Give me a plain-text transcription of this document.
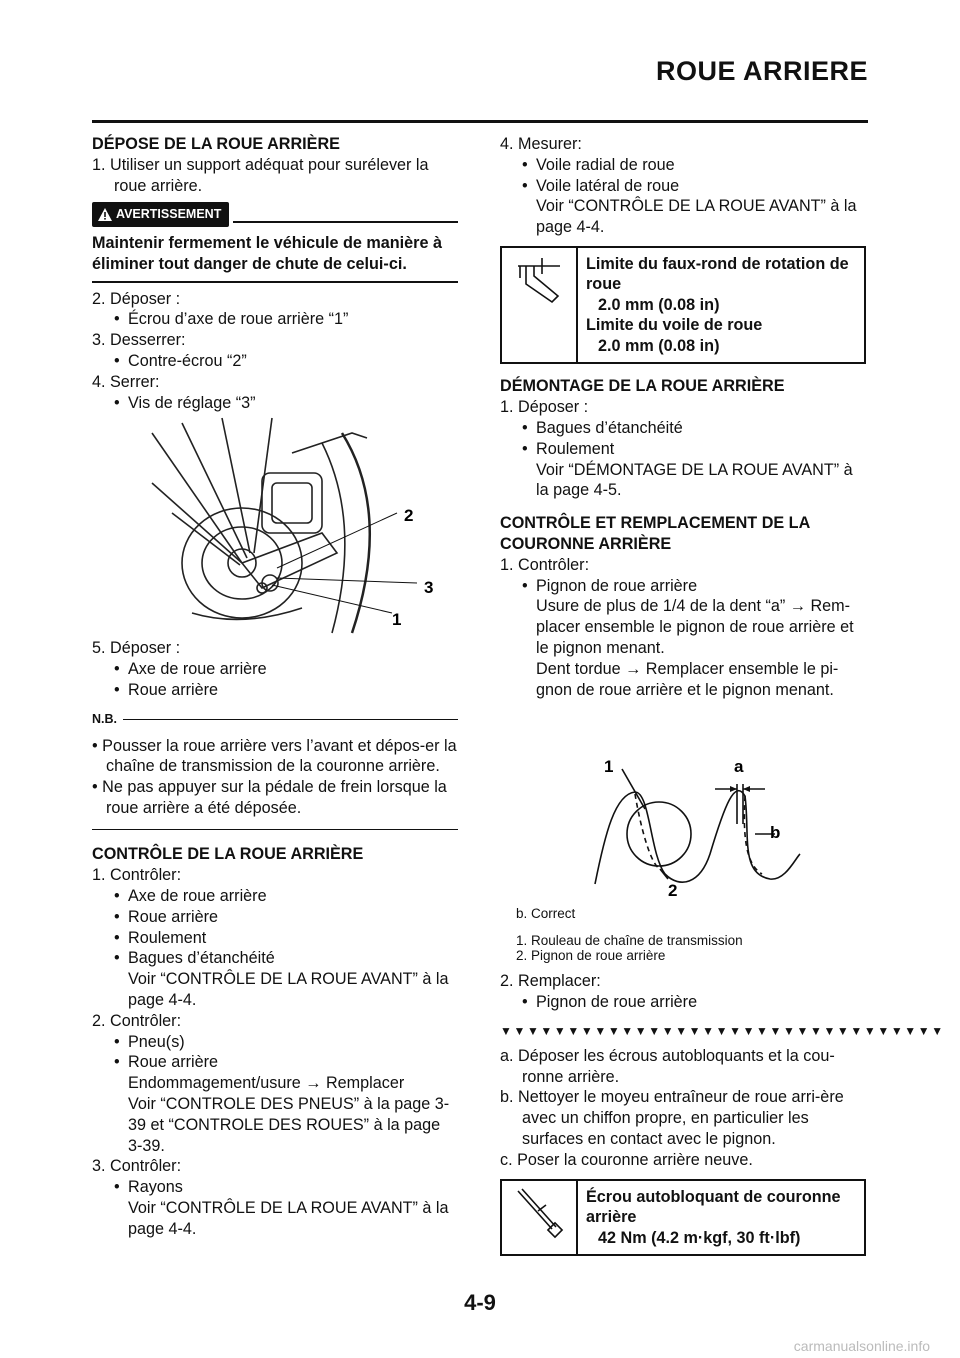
ROUE ARRIERE
DÉPOSE DE LA ROUE ARRIÈRE

1. Utiliser un support adéquat pour surélever la roue arrière.

AVERTISSEMENT

Maintenir fermement le véhicule de manière à éliminer tout danger de chute de celui-ci.

2. Déposer :

• Écrou d’axe de roue arrière “1”

3. Desserrer:

• Contre-écrou “2”

4. Serrer:

• Vis de réglage “3”

2
3
1

5. Déposer :

• Axe de roue arrière

• Roue arrière

N.B.

• Pousser la roue arrière vers l’avant et dépos-er la chaîne de transmission de la couronne arrière.

• Ne pas appuyer sur la pédale de frein lorsque la roue arrière a été déposée.

CONTRÔLE DE LA ROUE ARRIÈRE

1. Contrôler:

• Axe de roue arrière

• Roue arrière

• Roulement

• Bagues d’étanchéité

Voir “CONTRÔLE DE LA ROUE AVANT” à la page 4-4.

2. Contrôler:

• Pneu(s)

• Roue arrière

Endommagement/usure → Remplacer

Voir “CONTROLE DES PNEUS” à la page 3-39 et “CONTROLE DES ROUES” à la page 3-39.

3. Contrôler:

• Rayons

Voir “CONTRÔLE DE LA ROUE AVANT” à la page 4-4.

4. Mesurer:

• Voile radial de roue

• Voile latéral de roue

Voir “CONTRÔLE DE LA ROUE AVANT” à la page 4-4.

Limite du faux-rond de rotation de roue
2.0 mm (0.08 in)
Limite du voile de roue
2.0 mm (0.08 in)
DÉMONTAGE DE LA ROUE ARRIÈRE

1. Déposer :

• Bagues d’étanchéité

• Roulement

Voir “DÉMONTAGE DE LA ROUE AVANT” à la page 4-5.

CONTRÔLE ET REMPLACEMENT DE LA COURONNE ARRIÈRE

1. Contrôler:

• Pignon de roue arrière

Usure de plus de 1/4 de la dent “a” → Rem-placer ensemble le pignon de roue arrière et le pignon menant.

Dent tordue → Remplacer ensemble le pi-gnon de roue arrière et le pignon menant.

1	a
b
2

b. Correct

1. Rouleau de chaîne de transmission

2. Pignon de roue arrière

2. Remplacer:

• Pignon de roue arrière

▼▼▼▼▼▼▼▼▼▼▼▼▼▼▼▼▼▼▼▼▼▼▼▼▼▼▼▼▼▼▼▼▼

a. Déposer les écrous autobloquants et la cou-ronne arrière.

b. Nettoyer le moyeu entraîneur de roue arri-ère avec un chiffon propre, en particulier les surfaces en contact avec le pignon.

c. Poser la couronne arrière neuve.

Écrou autobloquant de couronne arrière
42 Nm (4.2 m·kgf, 30 ft·lbf)
4-9
carmanualsonline.info
